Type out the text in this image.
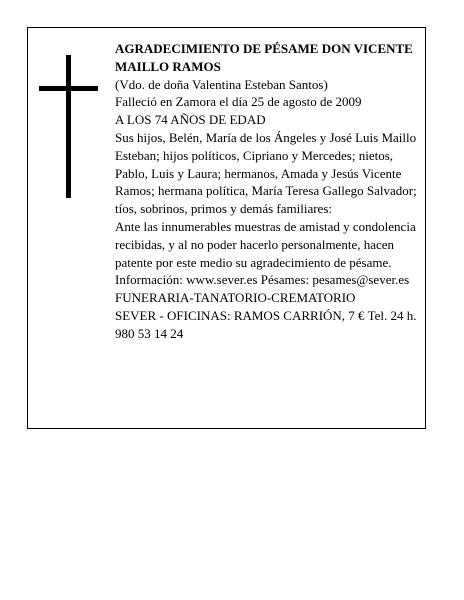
AGRADECIMIENTO DE PÉSAME DON VICENTE MAILLO RAMOS

(Vdo. de doña Valentina Esteban Santos)

Falleció en Zamora el día 25 de agosto de 2009

A LOS 74 AÑOS DE EDAD

Sus hijos, Belén, María de los Ángeles y José Luis Maillo Esteban; hijos políticos, Cipriano y Mercedes; nietos, Pablo, Luis y Laura; hermanos, Amada y Jesús Vicente Ramos; hermana política, María Teresa Gallego Salvador; tíos, sobrinos, primos y demás familiares:

Ante las innumerables muestras de amistad y condolencia recibidas, y al no poder hacerlo personalmente, hacen patente por este medio su agradecimiento de pésame.

Información: www.sever.es Pésames: pesames@sever.es

FUNERARIA-TANATORIO-CREMATORIO

SEVER - OFICINAS: RAMOS CARRIÓN, 7 € Tel. 24 h. 980 53 14 24
